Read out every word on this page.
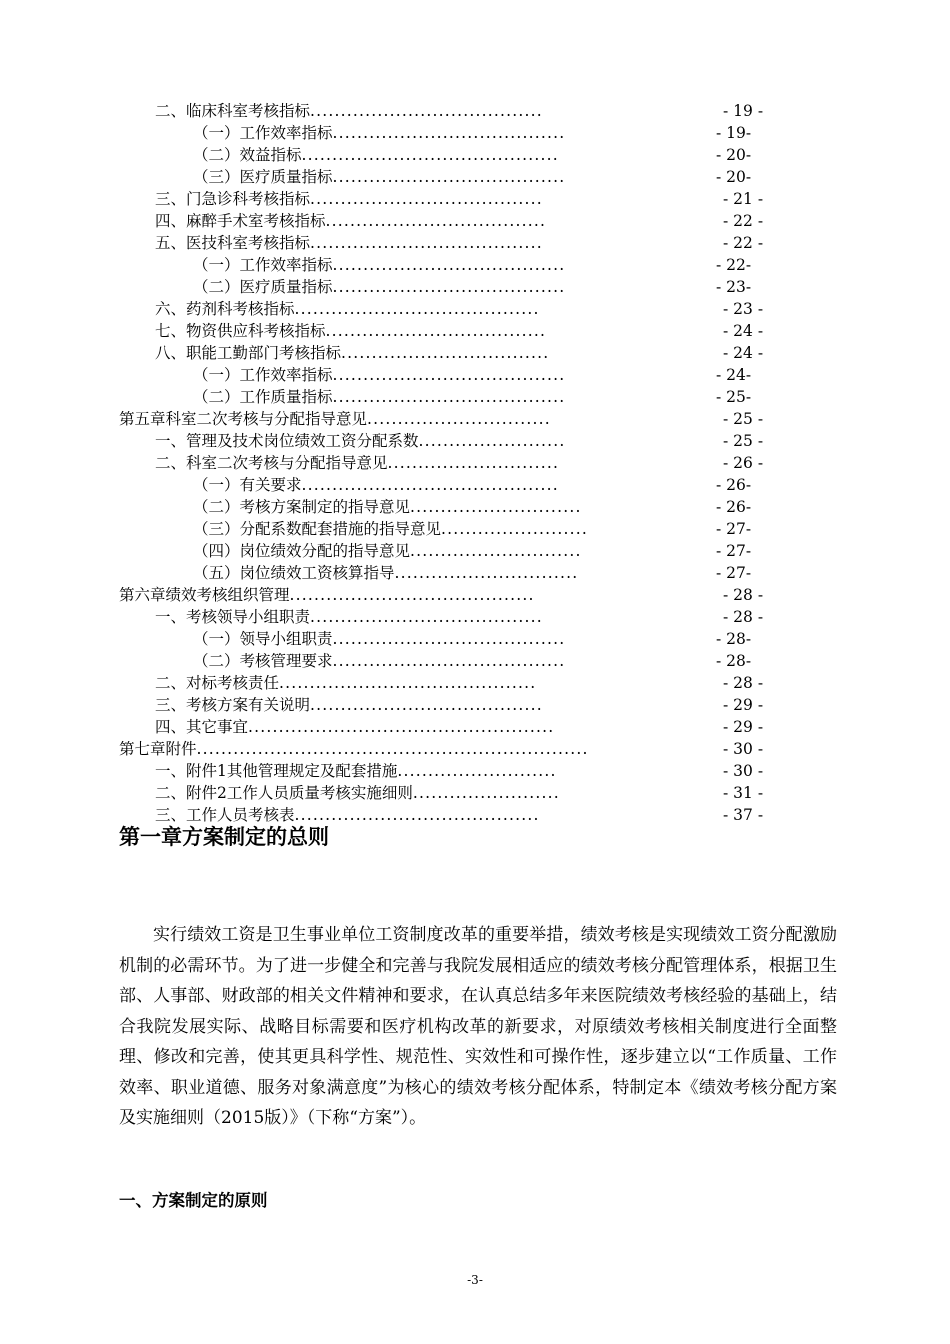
二、临床科室考核指标......................................	- 19 -
（一）工作效率指标......................................	- 19-
（二）效益指标..........................................	- 20-
（三）医疗质量指标......................................	- 20-
三、门急诊科考核指标......................................	- 21 -
四、麻醉手术室考核指标....................................	- 22 -
五、医技科室考核指标......................................	- 22 -
（一）工作效率指标......................................	- 22-
（二）医疗质量指标......................................	- 23-
六、药剂科考核指标........................................	- 23 -
七、物资供应科考核指标....................................	- 24 -
八、职能工勤部门考核指标..................................	- 24 -
（一）工作效率指标......................................	- 24-
（二）工作质量指标......................................	- 25-
第五章科室二次考核与分配指导意见..............................	- 25 -
一、管理及技术岗位绩效工资分配系数........................	- 25 -
二、科室二次考核与分配指导意见............................	- 26 -
（一）有关要求..........................................	- 26-
（二）考核方案制定的指导意见............................	- 26-
（三）分配系数配套措施的指导意见........................	- 27-
（四）岗位绩效分配的指导意见............................	- 27-
（五）岗位绩效工资核算指导..............................	- 27-
第六章绩效考核组织管理........................................	- 28 -
一、考核领导小组职责......................................	- 28 -
（一）领导小组职责......................................	- 28-
（二）考核管理要求......................................	- 28-
二、对标考核责任..........................................	- 28 -
三、考核方案有关说明......................................	- 29 -
四、其它事宜..................................................	- 29 -
第七章附件................................................................	- 30 -
一、附件1其他管理规定及配套措施..........................	- 30 -
二、附件2工作人员质量考核实施细则........................	- 31 -
三、工作人员考核表........................................	- 37 -
第一章方案制定的总则

实行绩效工资是卫生事业单位工资制度改革的重要举措，绩效考核是实现绩效工资分配激励机制的必需环节。为了进一步健全和完善与我院发展相适应的绩效考核分配管理体系，根据卫生部、人事部、财政部的相关文件精神和要求，在认真总结多年来医院绩效考核经验的基础上，结合我院发展实际、战略目标需要和医疗机构改革的新要求，对原绩效考核相关制度进行全面整理、修改和完善，使其更具科学性、规范性、实效性和可操作性，逐步建立以“工作质量、工作效率、职业道德、服务对象满意度”为核心的绩效考核分配体系，特制定本《绩效考核分配方案及实施细则（2015版）》（下称“方案”）。

一、方案制定的原则
-3-
